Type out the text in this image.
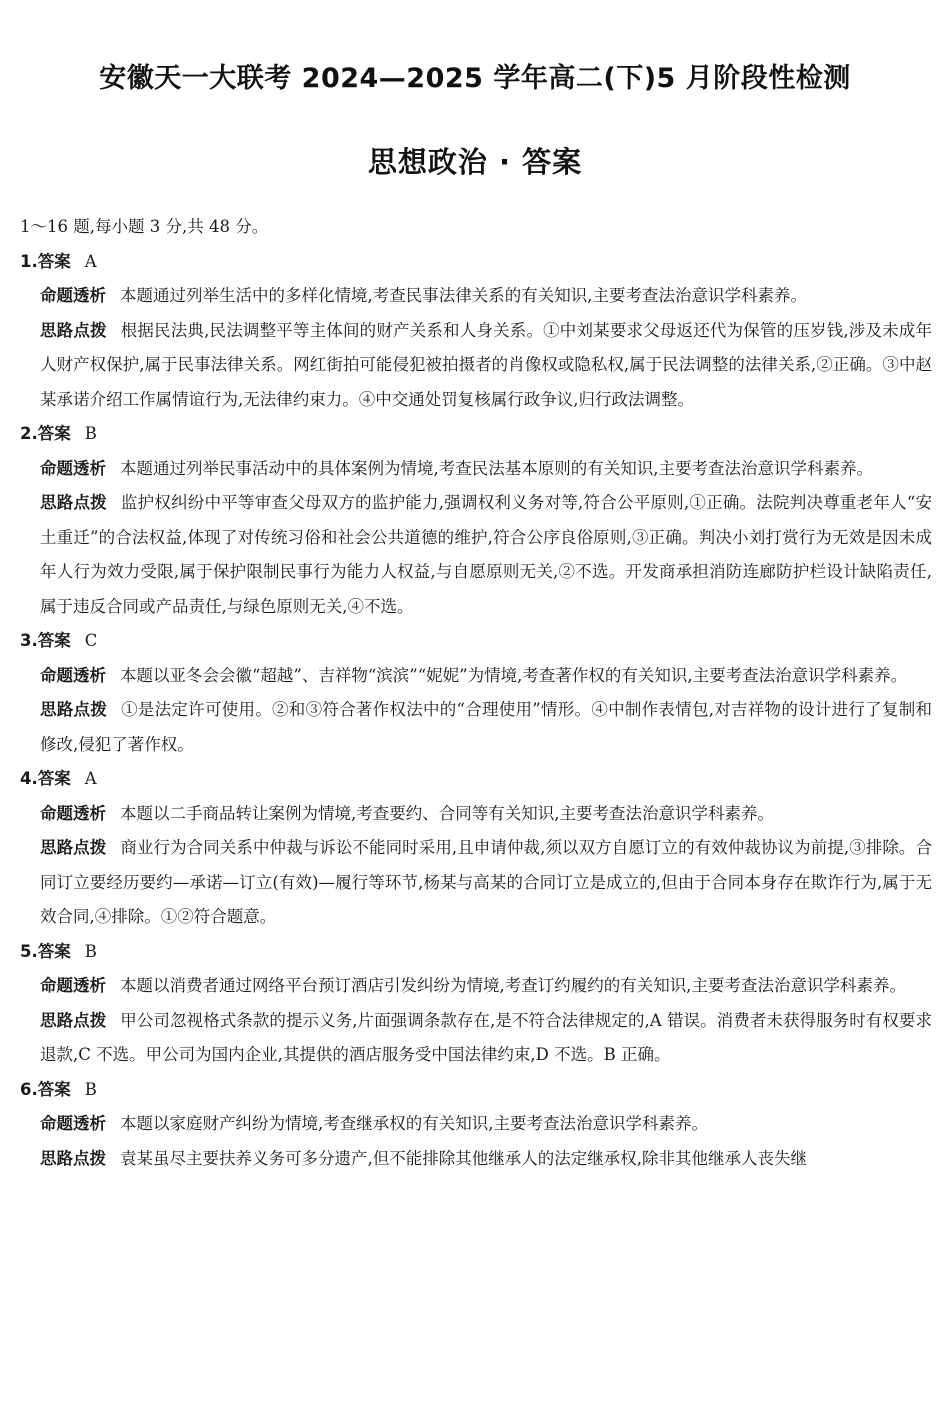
安徽天一大联考 2024—2025 学年高二(下)5 月阶段性检测
思想政治 · 答案

1～16 题,每小题 3 分,共 48 分。

1.答案 A

命题透析 本题通过列举生活中的多样化情境,考查民事法律关系的有关知识,主要考查法治意识学科素养。

思路点拨 根据民法典,民法调整平等主体间的财产关系和人身关系。①中刘某要求父母返还代为保管的压岁钱,涉及未成年人财产权保护,属于民事法律关系。网红街拍可能侵犯被拍摄者的肖像权或隐私权,属于民法调整的法律关系,②正确。③中赵某承诺介绍工作属情谊行为,无法律约束力。④中交通处罚复核属行政争议,归行政法调整。

2.答案 B

命题透析 本题通过列举民事活动中的具体案例为情境,考查民法基本原则的有关知识,主要考查法治意识学科素养。

思路点拨 监护权纠纷中平等审查父母双方的监护能力,强调权利义务对等,符合公平原则,①正确。法院判决尊重老年人“安土重迁”的合法权益,体现了对传统习俗和社会公共道德的维护,符合公序良俗原则,③正确。判决小刘打赏行为无效是因未成年人行为效力受限,属于保护限制民事行为能力人权益,与自愿原则无关,②不选。开发商承担消防连廊防护栏设计缺陷责任,属于违反合同或产品责任,与绿色原则无关,④不选。

3.答案 C

命题透析 本题以亚冬会会徽“超越”、吉祥物“滨滨”“妮妮”为情境,考查著作权的有关知识,主要考查法治意识学科素养。

思路点拨 ①是法定许可使用。②和③符合著作权法中的“合理使用”情形。④中制作表情包,对吉祥物的设计进行了复制和修改,侵犯了著作权。

4.答案 A

命题透析 本题以二手商品转让案例为情境,考查要约、合同等有关知识,主要考查法治意识学科素养。

思路点拨 商业行为合同关系中仲裁与诉讼不能同时采用,且申请仲裁,须以双方自愿订立的有效仲裁协议为前提,③排除。合同订立要经历要约—承诺—订立(有效)—履行等环节,杨某与高某的合同订立是成立的,但由于合同本身存在欺诈行为,属于无效合同,④排除。①②符合题意。

5.答案 B

命题透析 本题以消费者通过网络平台预订酒店引发纠纷为情境,考查订约履约的有关知识,主要考查法治意识学科素养。

思路点拨 甲公司忽视格式条款的提示义务,片面强调条款存在,是不符合法律规定的,A 错误。消费者未获得服务时有权要求退款,C 不选。甲公司为国内企业,其提供的酒店服务受中国法律约束,D 不选。B 正确。

6.答案 B

命题透析 本题以家庭财产纠纷为情境,考查继承权的有关知识,主要考查法治意识学科素养。

思路点拨 袁某虽尽主要扶养义务可多分遗产,但不能排除其他继承人的法定继承权,除非其他继承人丧失继
